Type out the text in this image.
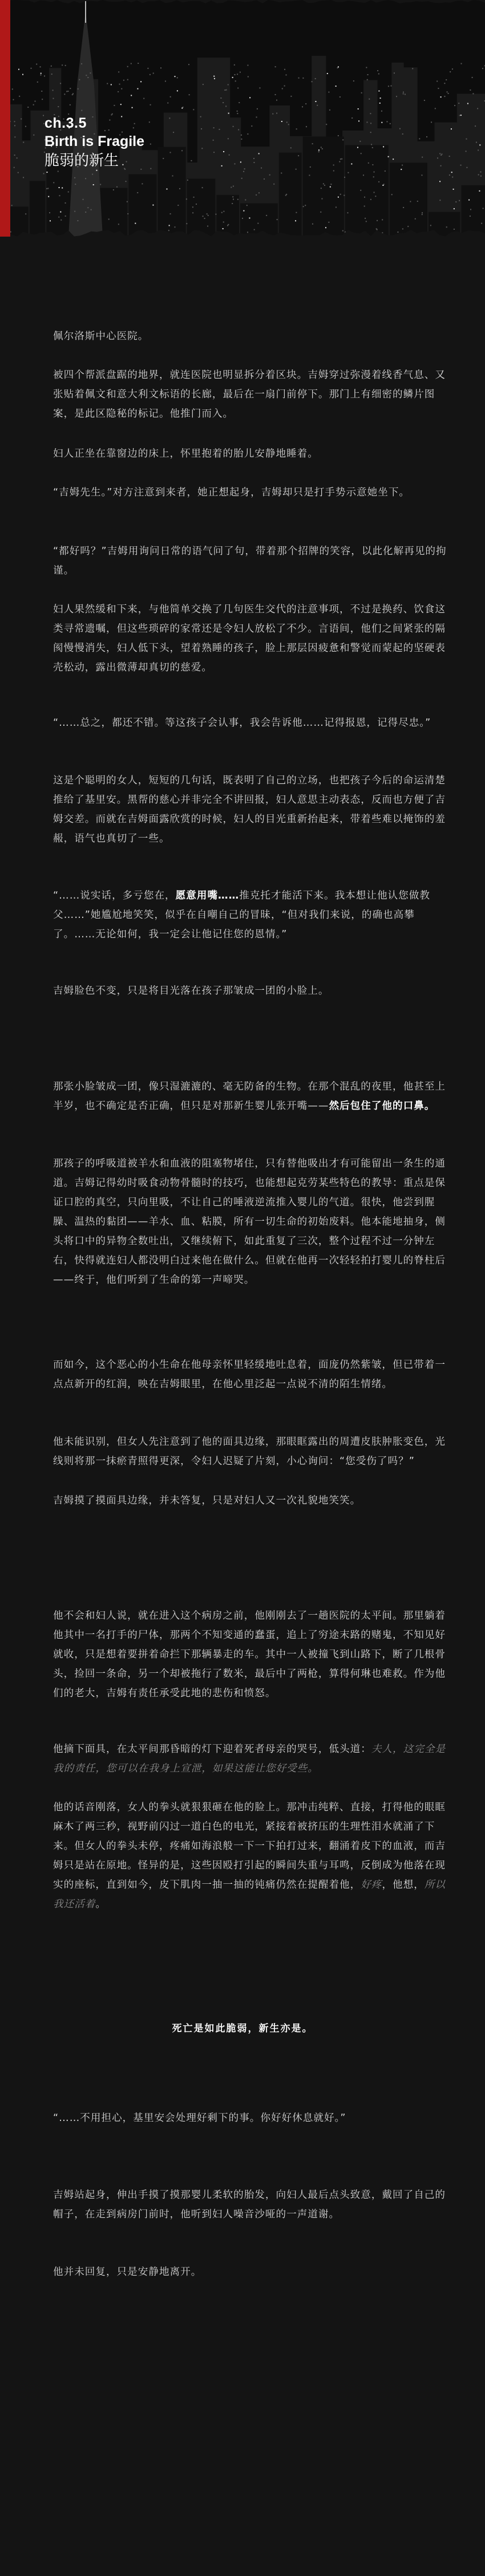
ch.3.5
Birth is Fragile
脆弱的新生

佩尔洛斯中心医院。

被四个帮派盘踞的地界，就连医院也明显拆分着区块。吉姆穿过弥漫着线香气息、又张贴着佩文和意大利文标语的长廊，最后在一扇门前停下。那门上有细密的鳞片图案，是此区隐秘的标记。他推门而入。

妇人正坐在靠窗边的床上，怀里抱着的胎儿安静地睡着。

“吉姆先生。”对方注意到来者，她正想起身，吉姆却只是打手势示意她坐下。

“都好吗？”吉姆用询问日常的语气问了句，带着那个招牌的笑容，以此化解再见的拘谨。

妇人果然缓和下来，与他简单交换了几句医生交代的注意事项，不过是换药、饮食这类寻常遗嘱，但这些琐碎的家常还是令妇人放松了不少。言语间，他们之间紧张的隔阂慢慢消失，妇人低下头，望着熟睡的孩子，脸上那层因疲惫和警觉而蒙起的坚硬表壳松动，露出微薄却真切的慈爱。

“……总之，都还不错。等这孩子会认事，我会告诉他……记得报恩，记得尽忠。”

这是个聪明的女人，短短的几句话，既表明了自己的立场，也把孩子今后的命运清楚推给了基里安。黑帮的慈心并非完全不讲回报，妇人意思主动表态，反而也方便了吉姆交差。而就在吉姆面露欣赏的时候，妇人的目光重新抬起来，带着些难以掩饰的羞赧，语气也真切了一些。

“……说实话，多亏您在，愿意用嘴……推克托才能活下来。我本想让他认您做教父……”她尴尬地笑笑，似乎在自嘲自己的冒昧，“但对我们来说，的确也高攀了。……无论如何，我一定会让他记住您的恩情。”

吉姆脸色不变，只是将目光落在孩子那皱成一团的小脸上。

那张小脸皱成一团，像只湿漉漉的、毫无防备的生物。在那个混乱的夜里，他甚至上半岁，也不确定是否正确，但只是对那新生婴儿张开嘴——然后包住了他的口鼻。

那孩子的呼吸道被羊水和血液的阻塞物堵住，只有替他吸出才有可能留出一条生的通道。吉姆记得幼时吸食动物骨髓时的技巧，也能想起克劳某些特色的教导：重点是保证口腔的真空，只向里吸，不让自己的唾液逆流推入婴儿的气道。很快，他尝到腥臊、温热的黏团——羊水、血、粘膜，所有一切生命的初始废料。他本能地抽身，侧头将口中的异物全数吐出，又继续俯下，如此重复了三次，整个过程不过一分钟左右，快得就连妇人都没明白过来他在做什么。但就在他再一次轻轻拍打婴儿的脊柱后——终于，他们听到了生命的第一声啼哭。

而如今，这个恶心的小生命在他母亲怀里轻缓地吐息着，面庞仍然紫皱，但已带着一点点新开的红润，映在吉姆眼里，在他心里泛起一点说不清的陌生情绪。

他未能识别，但女人先注意到了他的面具边缘，那眼眶露出的周遭皮肤肿胀变色，光线则将那一抹瘀青照得更深，令妇人迟疑了片刻，小心询问：“您受伤了吗？”

吉姆摸了摸面具边缘，并未答复，只是对妇人又一次礼貌地笑笑。

他不会和妇人说，就在进入这个病房之前，他刚刚去了一趟医院的太平间。那里躺着他其中一名打手的尸体，那两个不知变通的蠢蛋，追上了穷途末路的赌鬼，不知见好就收，只是想着要拼着命拦下那辆暴走的车。其中一人被撞飞到山路下，断了几根骨头，捡回一条命，另一个却被拖行了数米，最后中了两枪，算得何琳也难救。作为他们的老大，吉姆有责任承受此地的悲伤和愤怒。

他摘下面具，在太平间那昏暗的灯下迎着死者母亲的哭号，低头道：夫人，这完全是我的责任，您可以在我身上宣泄，如果这能让您好受些。

他的话音刚落，女人的拳头就狠狠砸在他的脸上。那冲击纯粹、直接，打得他的眼眶麻木了两三秒，视野前闪过一道白色的电光，紧接着被挤压的生理性泪水就涌了下来。但女人的拳头未停，疼痛如海浪般一下一下拍打过来，翻涌着皮下的血液，而吉姆只是站在原地。怪异的是，这些因殴打引起的瞬间失重与耳鸣，反倒成为他落在现实的座标，直到如今，皮下肌肉一抽一抽的钝痛仍然在提醒着他，好疼，他想，所以我还活着。

死亡是如此脆弱，新生亦是。

“……不用担心，基里安会处理好剩下的事。你好好休息就好。”

吉姆站起身，伸出手摸了摸那婴儿柔软的胎发，向妇人最后点头致意，戴回了自己的帽子，在走到病房门前时，他听到妇人噪音沙哑的一声道谢。

他并未回复，只是安静地离开。
